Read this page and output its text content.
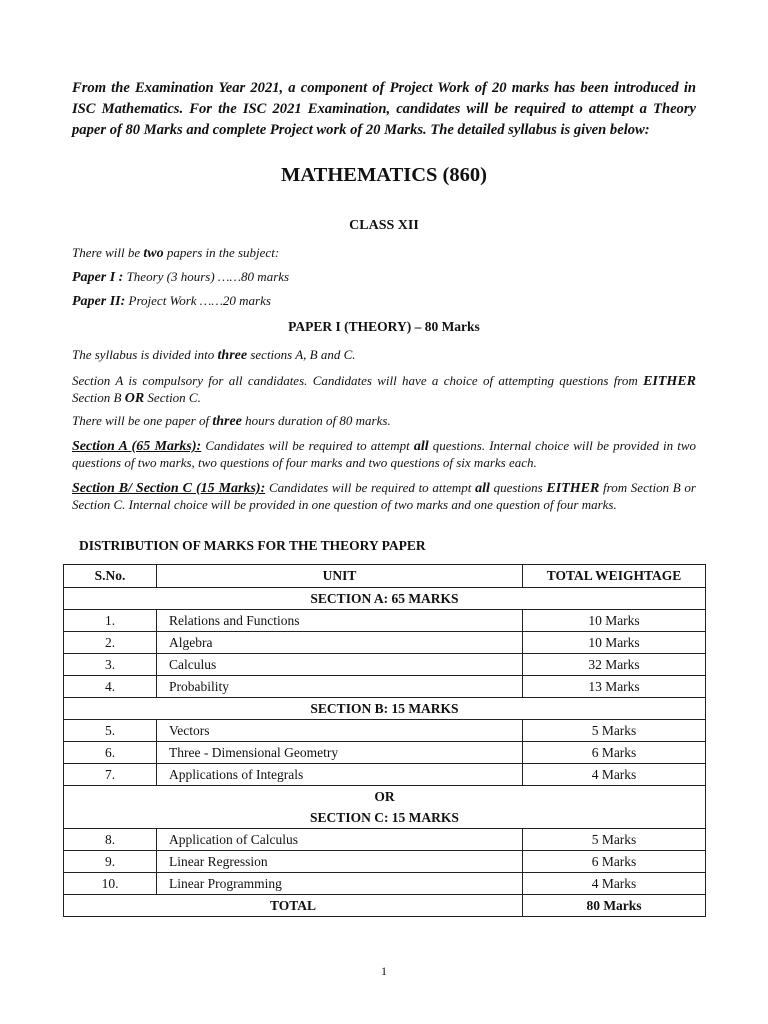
From the Examination Year 2021, a component of Project Work of 20 marks has been introduced in ISC Mathematics. For the ISC 2021 Examination, candidates will be required to attempt a Theory paper of 80 Marks and complete Project work of 20 Marks. The detailed syllabus is given below:
MATHEMATICS (860)
CLASS XII
There will be two papers in the subject:
Paper I : Theory (3 hours) ……80 marks
Paper II: Project Work ……20 marks
PAPER I (THEORY) – 80 Marks
The syllabus is divided into three sections A, B and C.
Section A is compulsory for all candidates. Candidates will have a choice of attempting questions from EITHER Section B OR Section C.
There will be one paper of three hours duration of 80 marks.
Section A (65 Marks): Candidates will be required to attempt all questions. Internal choice will be provided in two questions of two marks, two questions of four marks and two questions of six marks each.
Section B/ Section C (15 Marks): Candidates will be required to attempt all questions EITHER from Section B or Section C. Internal choice will be provided in one question of two marks and one question of four marks.
DISTRIBUTION OF MARKS FOR THE THEORY PAPER
S.No.	UNIT	TOTAL WEIGHTAGE
SECTION A: 65 MARKS		
1.	Relations and Functions	10 Marks
2.	Algebra	10 Marks
3.	Calculus	32 Marks
4.	Probability	13 Marks
SECTION B: 15 MARKS		
5.	Vectors	5 Marks
6.	Three - Dimensional Geometry	6 Marks
7.	Applications of Integrals	4 Marks

OR
SECTION C: 15 MARKS		

8.	Application of Calculus	5 Marks
9.	Linear Regression	6 Marks
10.	Linear Programming	4 Marks
TOTAL		80 Marks
1
